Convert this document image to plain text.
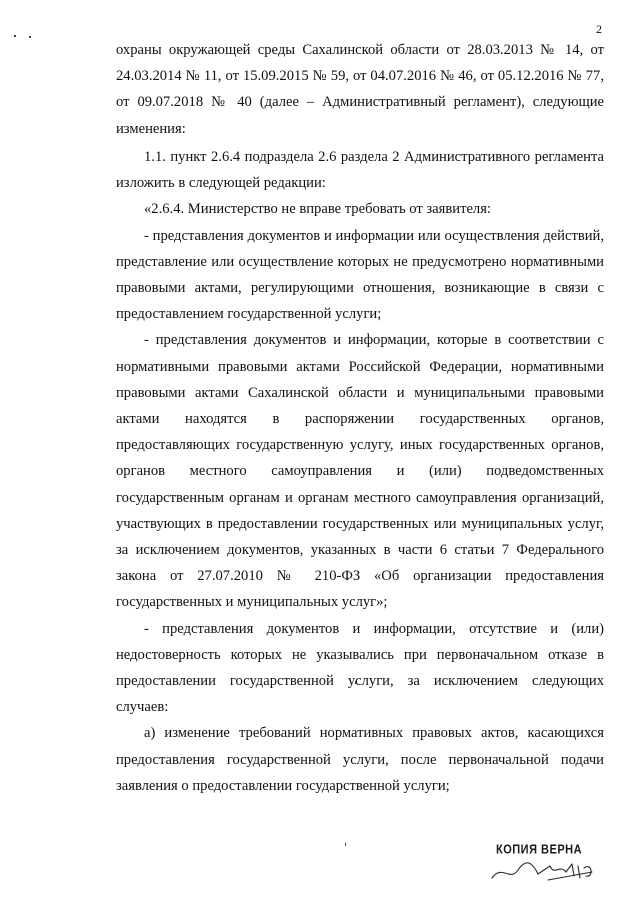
2

охраны окружающей среды Сахалинской области от 28.03.2013 № 14, от 24.03.2014 № 11, от 15.09.2015 № 59, от 04.07.2016 № 46, от 05.12.2016 № 77, от 09.07.2018 № 40 (далее – Административный регламент), следующие изменения:

1.1. пункт 2.6.4 подраздела 2.6 раздела 2 Административного регламента изложить в следующей редакции:

«2.6.4. Министерство не вправе требовать от заявителя:

- представления документов и информации или осуществления действий, представление или осуществление которых не предусмотрено нормативными правовыми актами, регулирующими отношения, возникающие в связи с предоставлением государственной услуги;

- представления документов и информации, которые в соответствии с нормативными правовыми актами Российской Федерации, нормативными правовыми актами Сахалинской области и муниципальными правовыми актами находятся в распоряжении государственных органов, предоставляющих государственную услугу, иных государственных органов, органов местного самоуправления и (или) подведомственных государственным органам и органам местного самоуправления организаций, участвующих в предоставлении государственных или муниципальных услуг, за исключением документов, указанных в части 6 статьи 7 Федерального закона от 27.07.2010 № 210-ФЗ «Об организации предоставления государственных и муниципальных услуг»;

- представления документов и информации, отсутствие и (или) недостоверность которых не указывались при первоначальном отказе в предоставлении государственной услуги, за исключением следующих случаев:

а) изменение требований нормативных правовых актов, касающихся предоставления государственной услуги, после первоначальной подачи заявления о предоставлении государственной услуги;

КОПИЯ ВЕРНА
